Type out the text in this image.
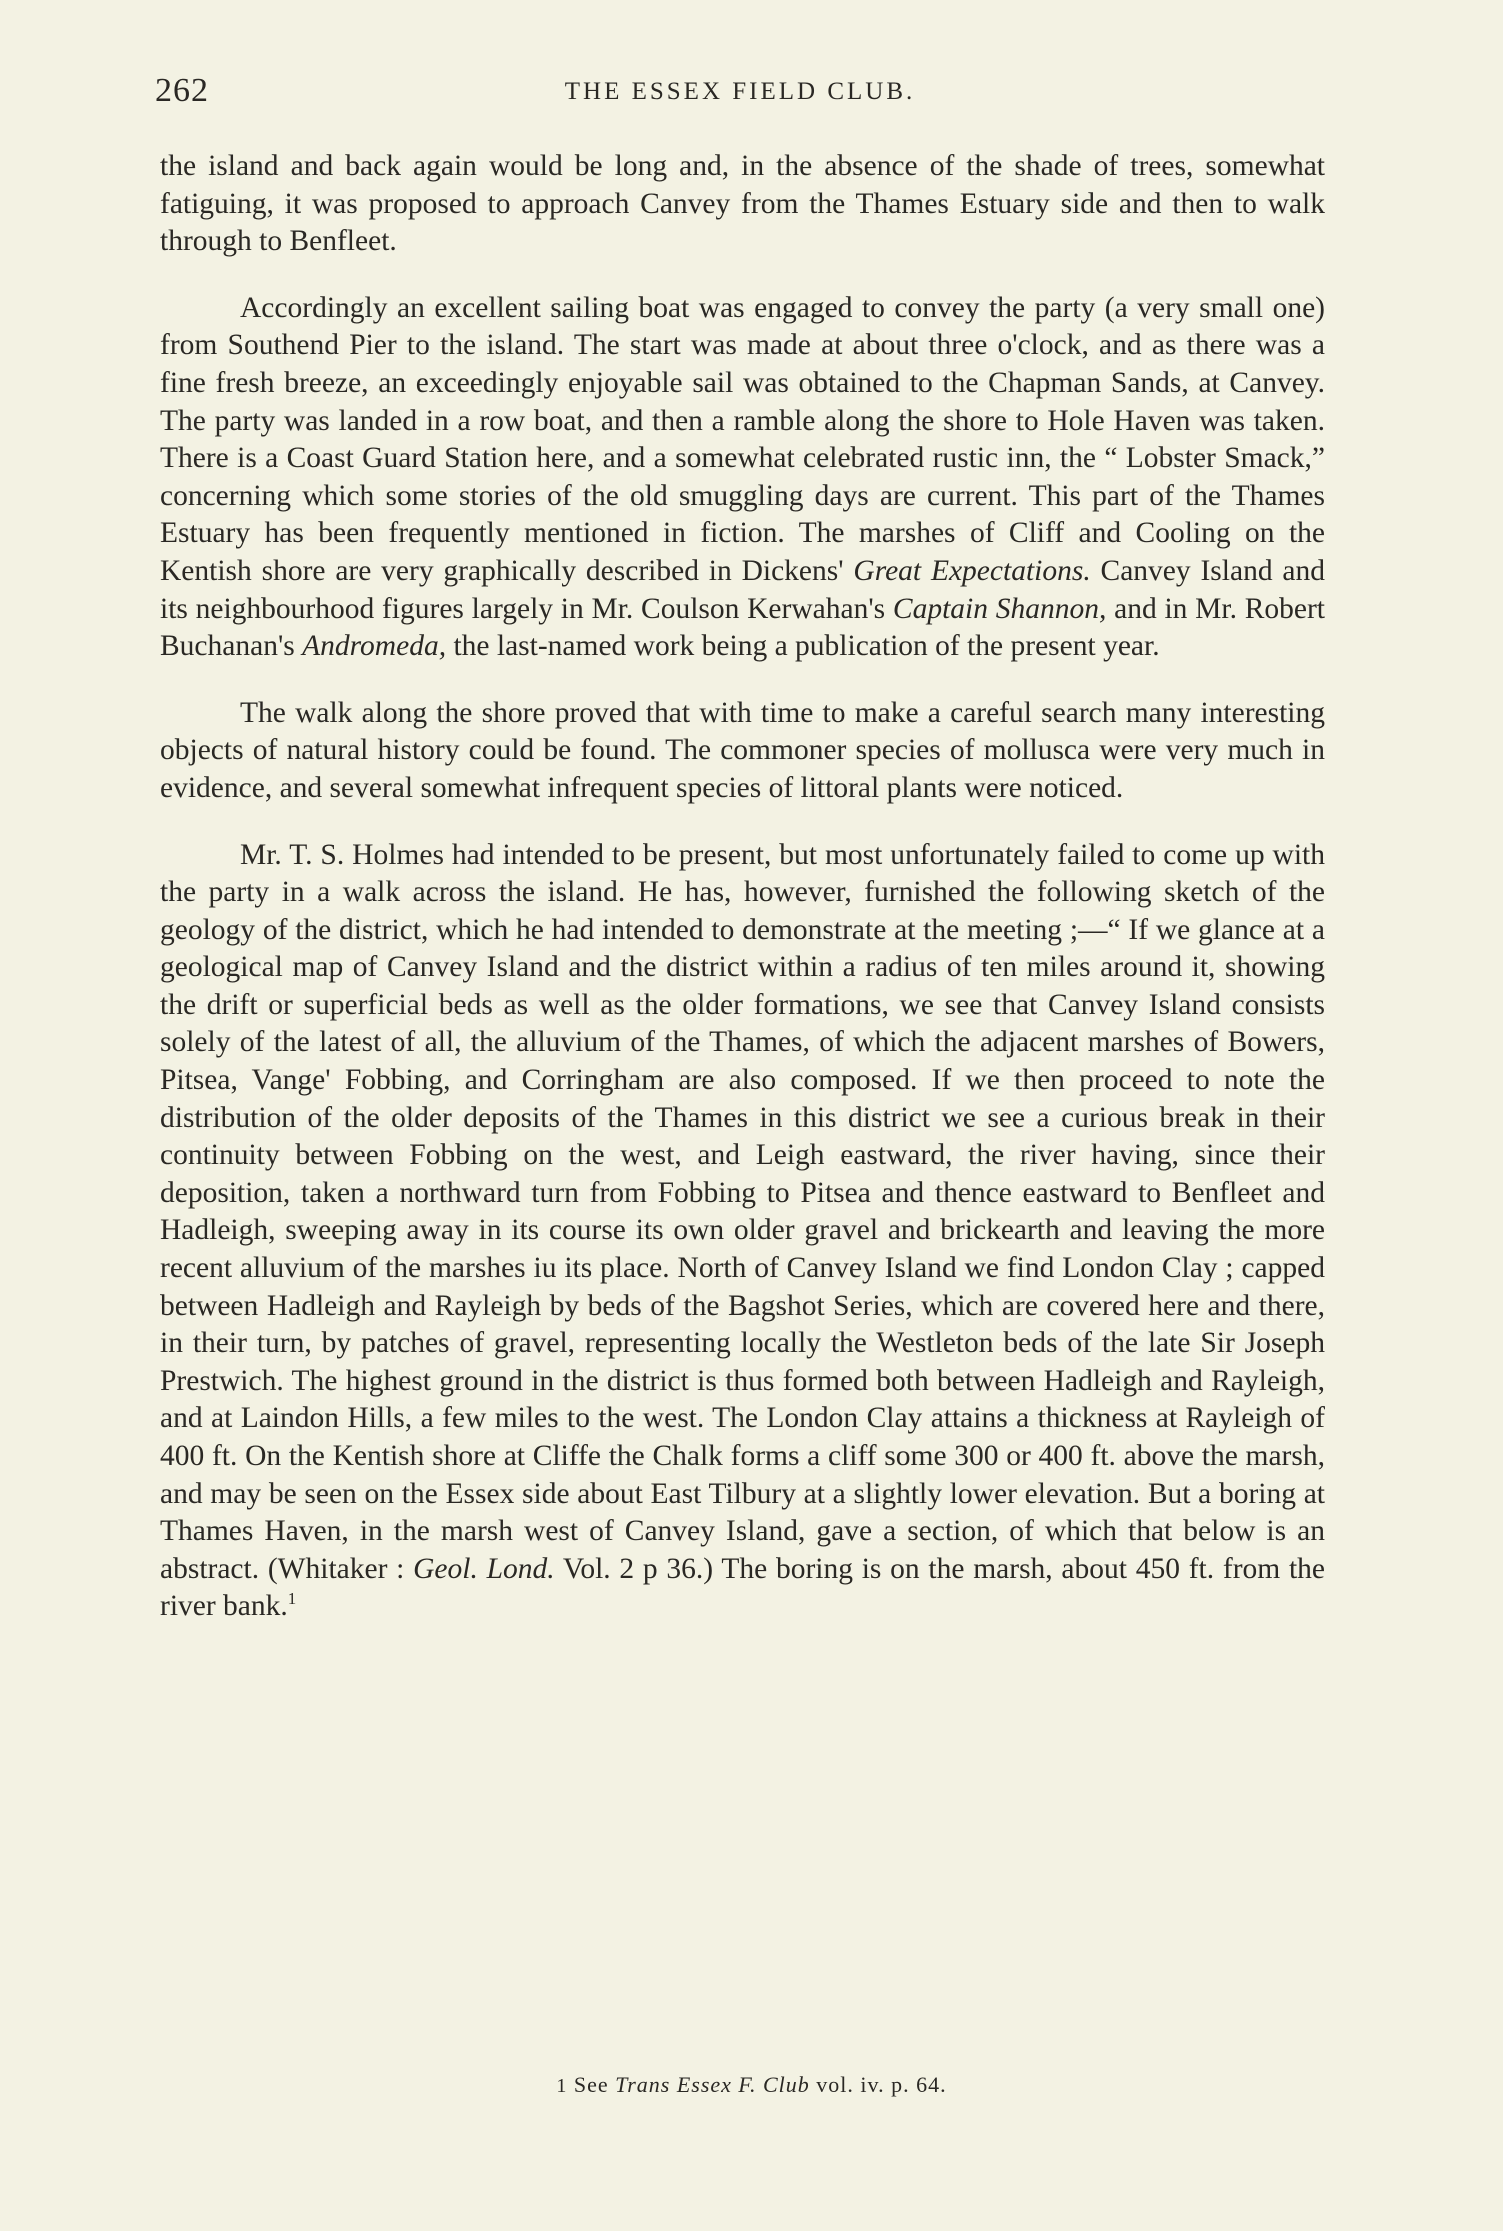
262	THE ESSEX FIELD CLUB.

the island and back again would be long and, in the absence of the shade of trees, somewhat fatiguing, it was proposed to approach Canvey from the Thames Estuary side and then to walk through to Benfleet.

Accordingly an excellent sailing boat was engaged to convey the party (a very small one) from Southend Pier to the island. The start was made at about three o'clock, and as there was a fine fresh breeze, an exceedingly enjoyable sail was obtained to the Chapman Sands, at Canvey. The party was landed in a row boat, and then a ramble along the shore to Hole Haven was taken. There is a Coast Guard Station here, and a somewhat celebrated rustic inn, the “ Lobster Smack,” concerning which some stories of the old smuggling days are current. This part of the Thames Estuary has been frequently mentioned in fiction. The marshes of Cliff and Cooling on the Kentish shore are very graphically described in Dickens' Great Expectations. Canvey Island and its neighbourhood figures largely in Mr. Coulson Kerwahan's Captain Shannon, and in Mr. Robert Buchanan's Andromeda, the last-named work being a publication of the present year.

The walk along the shore proved that with time to make a careful search many interesting objects of natural history could be found. The commoner species of mollusca were very much in evidence, and several somewhat infrequent species of littoral plants were noticed.

Mr. T. S. Holmes had intended to be present, but most unfortunately failed to come up with the party in a walk across the island. He has, however, furnished the following sketch of the geology of the district, which he had intended to demonstrate at the meeting ;—“ If we glance at a geological map of Canvey Island and the district within a radius of ten miles around it, showing the drift or superficial beds as well as the older formations, we see that Canvey Island consists solely of the latest of all, the alluvium of the Thames, of which the adjacent marshes of Bowers, Pitsea, Vange' Fobbing, and Corringham are also composed. If we then proceed to note the distribution of the older deposits of the Thames in this district we see a curious break in their continuity between Fobbing on the west, and Leigh eastward, the river having, since their deposition, taken a northward turn from Fobbing to Pitsea and thence eastward to Benfleet and Hadleigh, sweeping away in its course its own older gravel and brickearth and leaving the more recent alluvium of the marshes iu its place. North of Canvey Island we find London Clay ; capped between Hadleigh and Rayleigh by beds of the Bagshot Series, which are covered here and there, in their turn, by patches of gravel, representing locally the Westleton beds of the late Sir Joseph Prestwich. The highest ground in the district is thus formed both between Hadleigh and Rayleigh, and at Laindon Hills, a few miles to the west. The London Clay attains a thickness at Rayleigh of 400 ft. On the Kentish shore at Cliffe the Chalk forms a cliff some 300 or 400 ft. above the marsh, and may be seen on the Essex side about East Tilbury at a slightly lower elevation. But a boring at Thames Haven, in the marsh west of Canvey Island, gave a section, of which that below is an abstract. (Whitaker : Geol. Lond. Vol. 2 p 36.) The boring is on the marsh, about 450 ft. from the river bank.$^1$

1 See Trans Essex F. Club vol. iv. p. 64.
